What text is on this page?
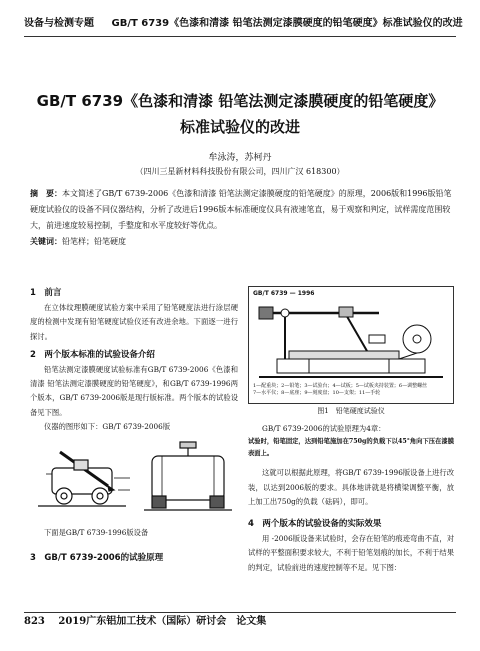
设备与检测专题 GB/T 6739《色漆和清漆 铅笔法测定漆膜硬度的铅笔硬度》标准试验仪的改进
GB/T 6739《色漆和清漆 铅笔法测定漆膜硬度的铅笔硬度》
标准试验仪的改进
牟泳涛，苏柯丹
（四川三星新材料科技股份有限公司，四川广汉 618300）
摘　要：本文简述了GB/T 6739-2006《色漆和清漆 铅笔法测定漆膜硬度的铅笔硬度》的原理，2006版和1996版铅笔硬度试验仪的设备不同仪器结构，分析了改进后1996版本标准硬度仪具有液速笔直，易于观察和判定，试样需度范围较大，前进速度较易控制，手整度和水平度较好等优点。
关键词：铅笔样；铅笔硬度

1　前言

在立体纹理膜硬度试验方案中采用了铅笔硬度法进行涂层硬度的检测中发现有铅笔硬度试验仪还有改进余地。下面逐一进行探讨。

2　两个版本标准的试验设备介绍

铅笔法测定漆膜硬度试验标准有GB/T 6739-2006《色漆和清漆 铅笔法测定漆膜硬度的铅笔硬度》，和GB/T 6739-1996两个版本，GB/T 6739-2006版是现行版标准。两个版本的试验设备见下图。

仪器的图形如下：GB/T 6739-2006版

下面是GB/T 6739-1996版设备

3　GB/T 6739-2006的试验原理

GB/T 6739 — 1996
1—配重块；2—铅笔；3—试验台；4—试板；5—试板夹持装置；6—调整螺丝
7—水平仪；8—底座；9—刻度盘；10—支架；11—手轮
图1　铅笔硬度试验仪

GB/T 6739-2006的试验原理为4章：

试验时，铅笔固定，达到铅笔施加在750g的负载下以45°角向下压在漆膜表面上。

这就可以根据此原理，将GB/T 6739-1996版设备上进行改装，以达到2006版的要求。具体地讲就是将横梁调整平衡，放上加工出750g的负载（砝码），即可。

4　两个版本的试验设备的实际效果

用 -2006版设备来试验时，会存在铅笔的痕迹弯曲不直，对试样的平整面积要求较大，不利于铅笔划痕的加长，不利于结果的判定，试验前进的速度控制等不足。见下图：

823 2019广东铝加工技术（国际）研讨会　论文集
